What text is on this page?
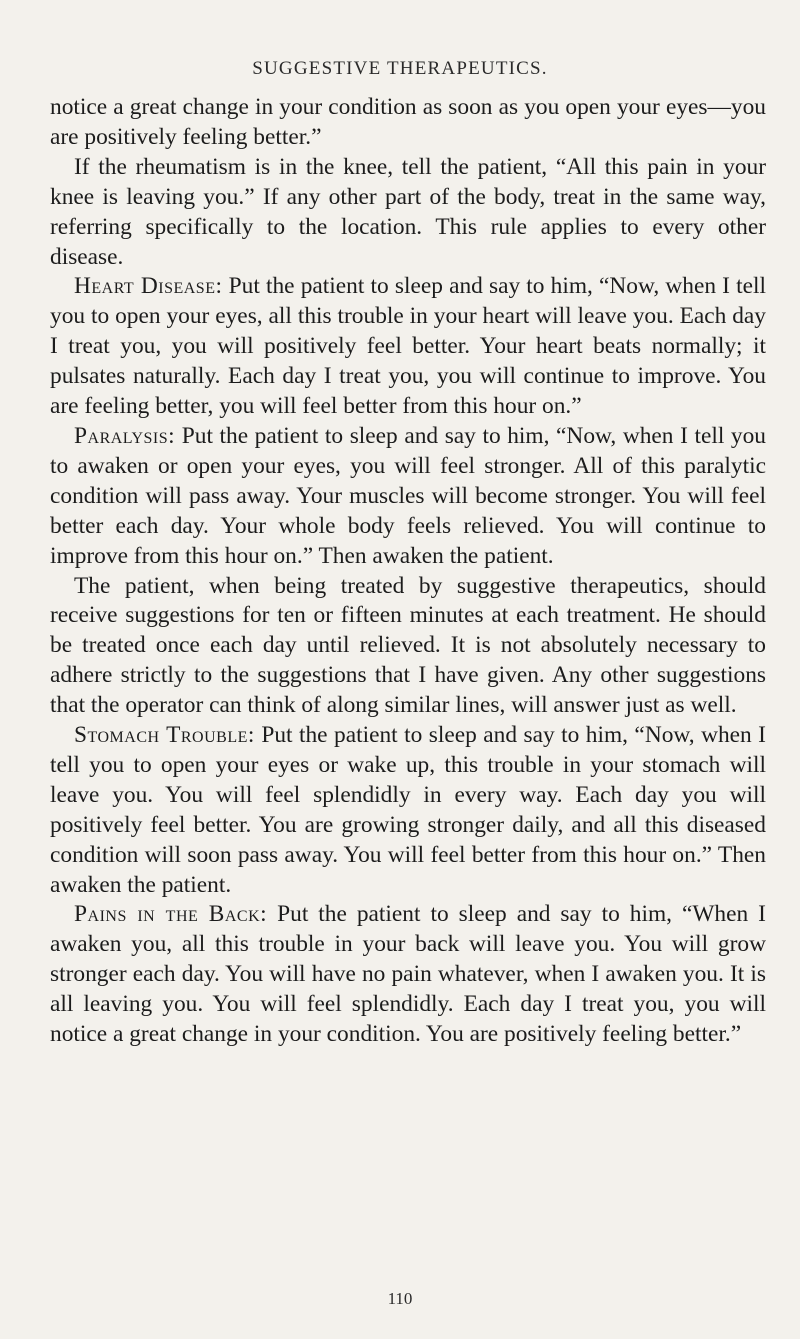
SUGGESTIVE THERAPEUTICS.

notice a great change in your condition as soon as you open your eyes—you are positively feeling better.”

If the rheumatism is in the knee, tell the patient, “All this pain in your knee is leaving you.” If any other part of the body, treat in the same way, referring specifically to the location. This rule applies to every other disease.

Heart Disease: Put the patient to sleep and say to him, “Now, when I tell you to open your eyes, all this trouble in your heart will leave you. Each day I treat you, you will positively feel better. Your heart beats normally; it pulsates naturally. Each day I treat you, you will continue to improve. You are feeling better, you will feel better from this hour on.”

Paralysis: Put the patient to sleep and say to him, “Now, when I tell you to awaken or open your eyes, you will feel stronger. All of this paralytic condition will pass away. Your muscles will become stronger. You will feel better each day. Your whole body feels relieved. You will continue to improve from this hour on.” Then awaken the patient.

The patient, when being treated by suggestive therapeutics, should receive suggestions for ten or fifteen minutes at each treatment. He should be treated once each day until relieved. It is not absolutely necessary to adhere strictly to the suggestions that I have given. Any other suggestions that the operator can think of along similar lines, will answer just as well.

Stomach Trouble: Put the patient to sleep and say to him, “Now, when I tell you to open your eyes or wake up, this trouble in your stomach will leave you. You will feel splendidly in every way. Each day you will positively feel better. You are growing stronger daily, and all this diseased condition will soon pass away. You will feel better from this hour on.” Then awaken the patient.

Pains in the Back: Put the patient to sleep and say to him, “When I awaken you, all this trouble in your back will leave you. You will grow stronger each day. You will have no pain whatever, when I awaken you. It is all leaving you. You will feel splendidly. Each day I treat you, you will notice a great change in your condition. You are positively feeling better.”

110
